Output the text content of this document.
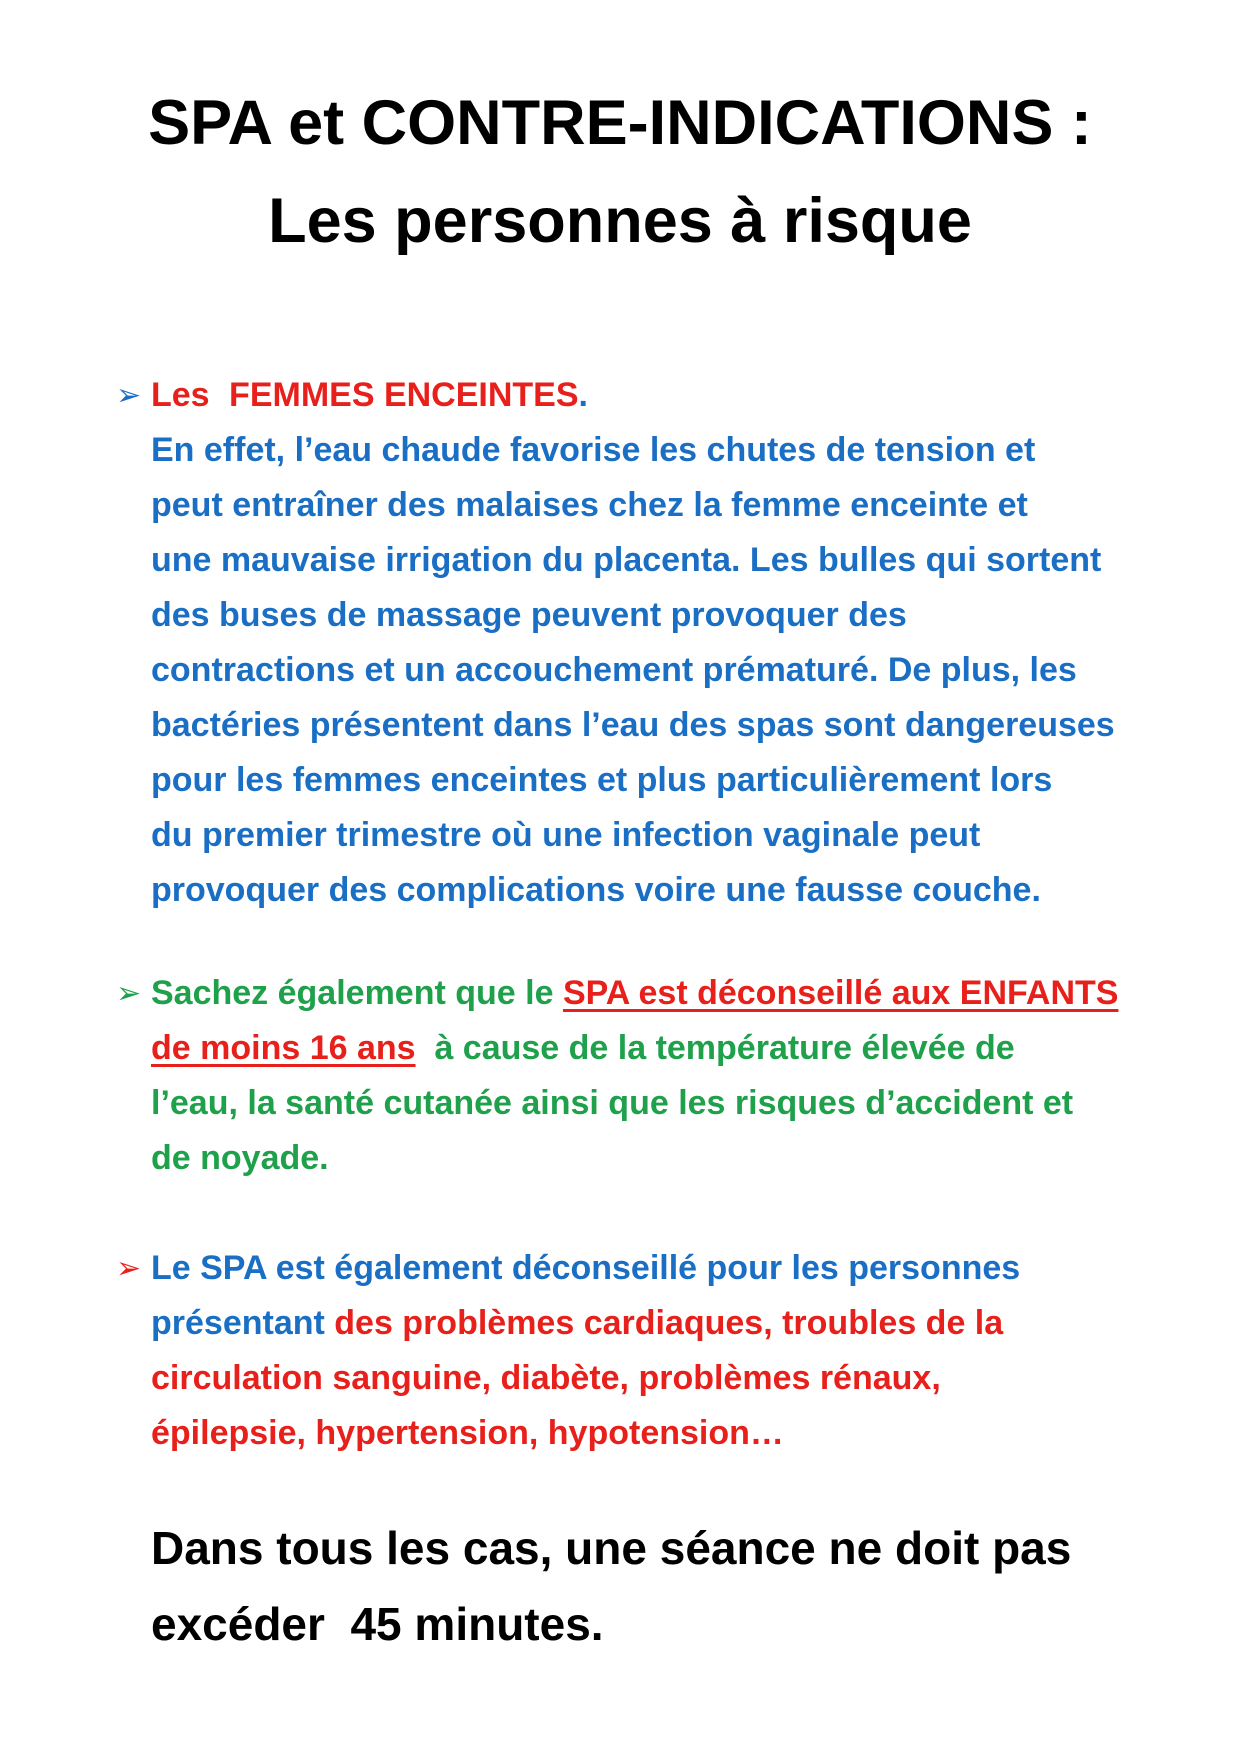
SPA et CONTRE-INDICATIONS :
Les personnes à risque
➢ Les FEMMES ENCEINTES.
En effet, l’eau chaude favorise les chutes de tension et
peut entraîner des malaises chez la femme enceinte et
une mauvaise irrigation du placenta. Les bulles qui sortent
des buses de massage peuvent provoquer des
contractions et un accouchement prématuré. De plus, les
bactéries présentent dans l’eau des spas sont dangereuses
pour les femmes enceintes et plus particulièrement lors
du premier trimestre où une infection vaginale peut
provoquer des complications voire une fausse couche.
➢ Sachez également que le SPA est déconseillé aux ENFANTS
de moins 16 ans  à cause de la température élevée de
l’eau, la santé cutanée ainsi que les risques d’accident et
de noyade.
➢ Le SPA est également déconseillé pour les personnes
présentant des problèmes cardiaques, troubles de la
circulation sanguine, diabète, problèmes rénaux,
épilepsie, hypertension, hypotension…
Dans tous les cas, une séance ne doit pas
excéder  45 minutes.
